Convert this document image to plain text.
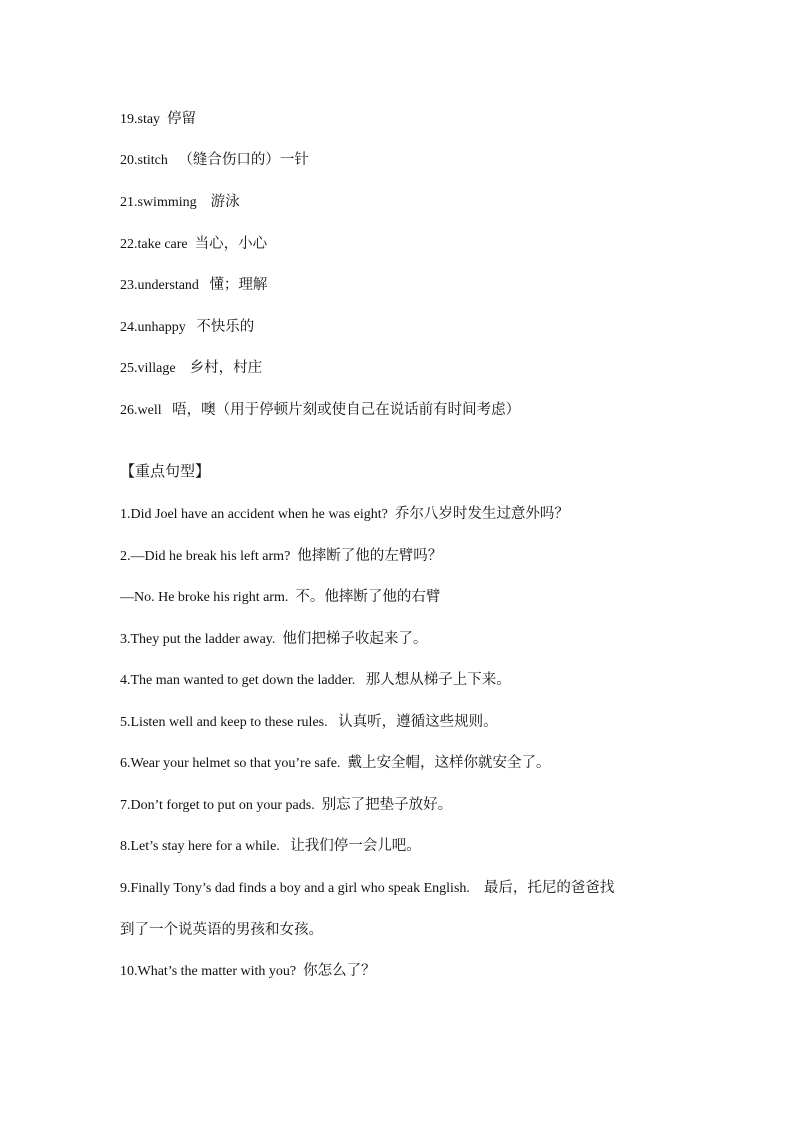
19.stay 停留
20.stitch （缝合伤口的）一针
21.swimming 游泳
22.take care 当心，小心
23.understand 懂；理解
24.unhappy 不快乐的
25.village 乡村，村庄
26.well 唔，噢（用于停顿片刻或使自己在说话前有时间考虑）
【重点句型】
1.Did Joel have an accident when he was eight? 乔尔八岁时发生过意外吗？
2.—Did he break his left arm? 他摔断了他的左臂吗？
—No. He broke his right arm. 不。他摔断了他的右臂
3.They put the ladder away. 他们把梯子收起来了。
4.The man wanted to get down the ladder. 那人想从梯子上下来。
5.Listen well and keep to these rules. 认真听，遵循这些规则。
6.Wear your helmet so that you’re safe. 戴上安全帽，这样你就安全了。
7.Don’t forget to put on your pads. 别忘了把垫子放好。
8.Let’s stay here for a while. 让我们停一会儿吧。
9.Finally Tony’s dad finds a boy and a girl who speak English. 最后，托尼的爸爸找
到了一个说英语的男孩和女孩。
10.What’s the matter with you? 你怎么了？
